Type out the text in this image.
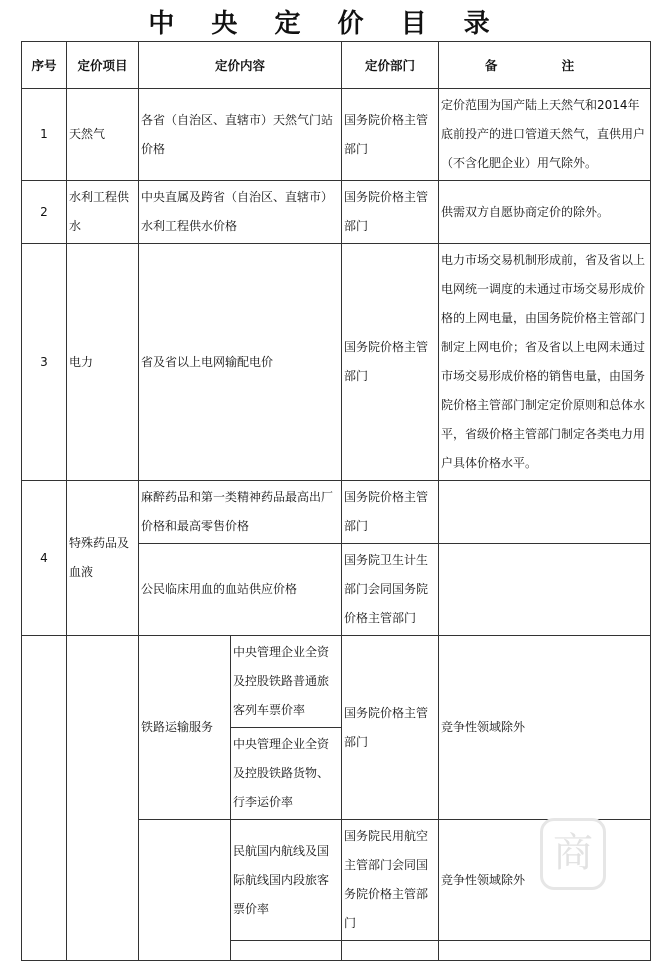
中 央 定 价 目 录
序号	定价项目	定价内容		定价部门	备 注
1	天然气	各省（自治区、直辖市）天然气门站价格		国务院价格主管部门	定价范围为国产陆上天然气和2014年底前投产的进口管道天然气，直供用户（不含化肥企业）用气除外。
2	水利工程供水	中央直属及跨省（自治区、直辖市）水利工程供水价格		国务院价格主管部门	供需双方自愿协商定价的除外。
3	电力	省及省以上电网输配电价		国务院价格主管部门	电力市场交易机制形成前，省及省以上电网统一调度的未通过市场交易形成价格的上网电量，由国务院价格主管部门制定上网电价；省及省以上电网未通过市场交易形成价格的销售电量，由国务院价格主管部门制定定价原则和总体水平，省级价格主管部门制定各类电力用户具体价格水平。
4	特殊药品及血液	麻醉药品和第一类精神药品最高出厂价格和最高零售价格		国务院价格主管部门	
		公民临床用血的血站供应价格		国务院卫生计生部门会同国务院价格主管部门	
		铁路运输服务	中央管理企业全资及控股铁路普通旅客列车票价率	国务院价格主管部门	竞争性领域除外
			中央管理企业全资及控股铁路货物、行李运价率		
			民航国内航线及国际航线国内段旅客票价率	国务院民用航空主管部门会同国务院价格主管部门	竞争性领域除外

商
